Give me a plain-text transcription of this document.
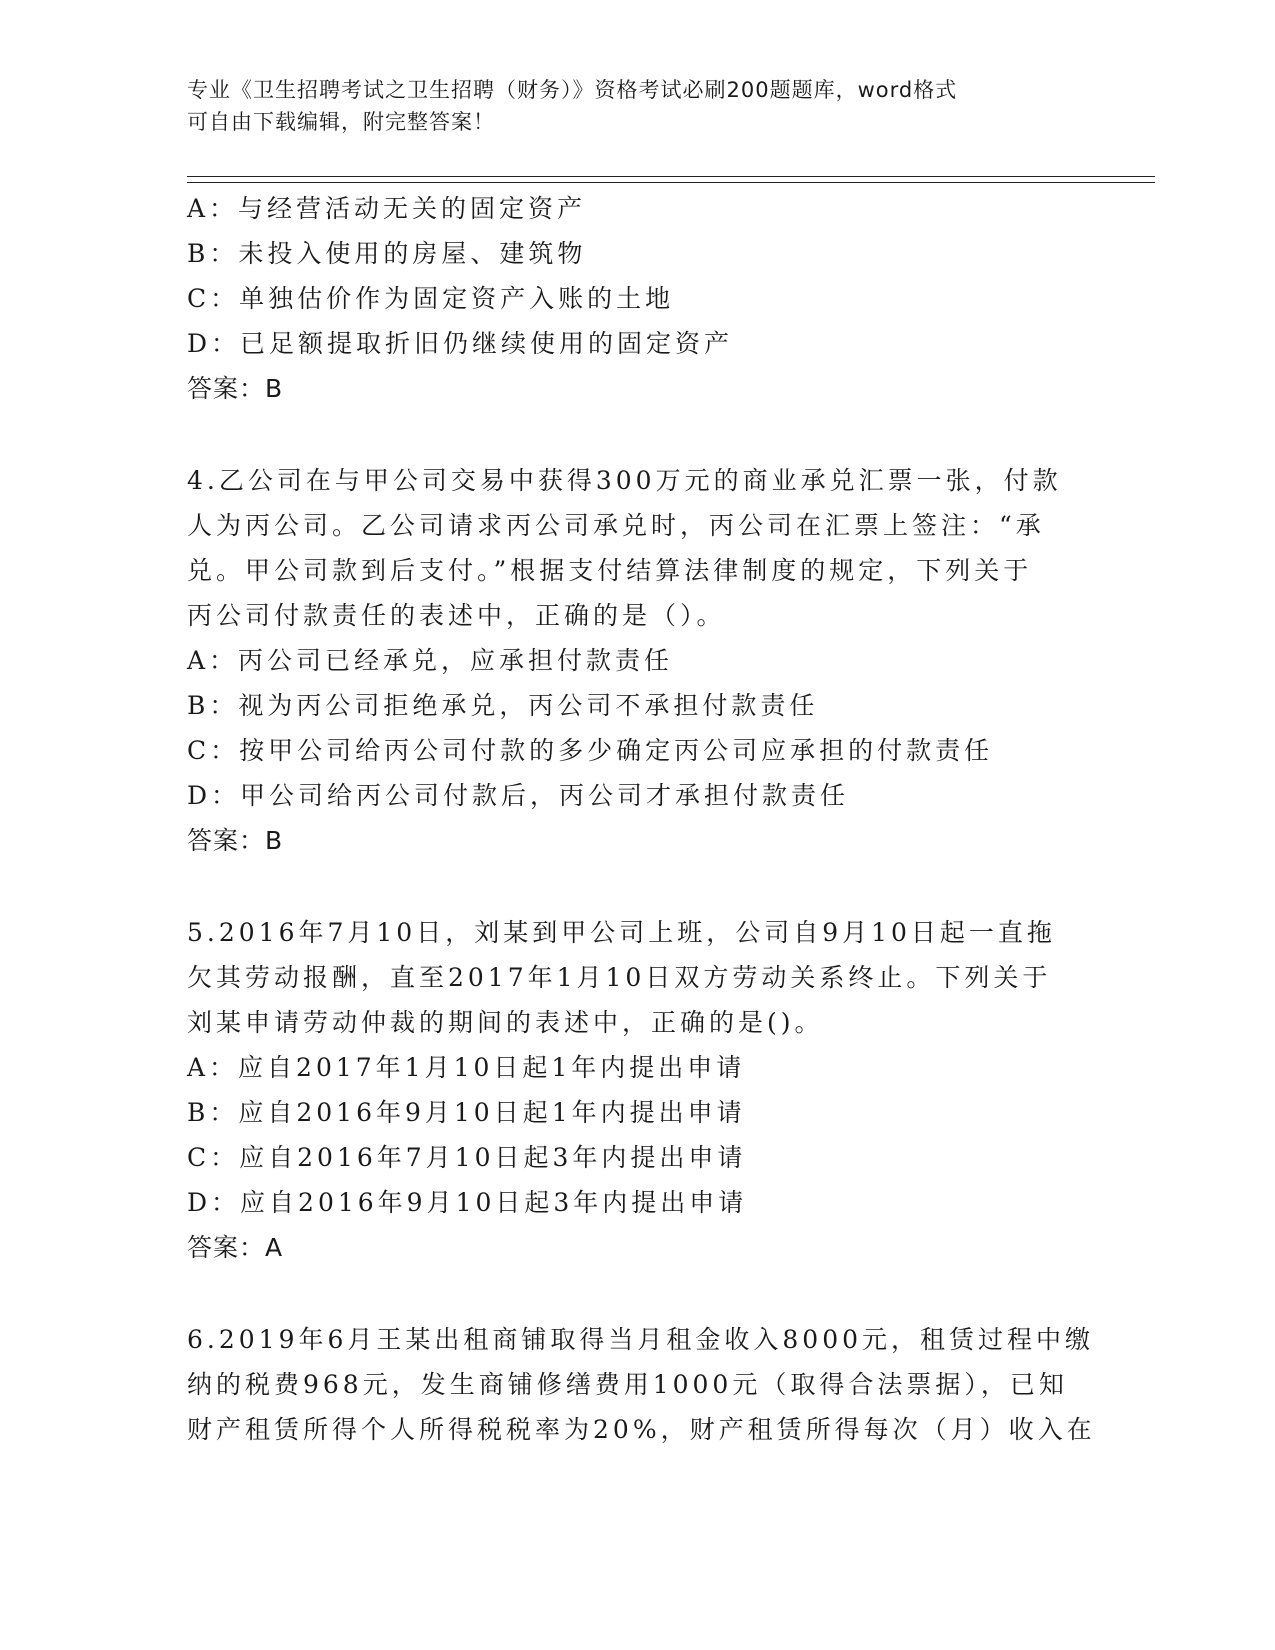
专业《卫生招聘考试之卫生招聘（财务）》资格考试必刷200题题库，word格式
可自由下载编辑，附完整答案！
A：与经营活动无关的固定资产
B：未投入使用的房屋、建筑物
C：单独估价作为固定资产入账的土地
D：已足额提取折旧仍继续使用的固定资产
答案：B
4.乙公司在与甲公司交易中获得300万元的商业承兑汇票一张，付款
人为丙公司。乙公司请求丙公司承兑时，丙公司在汇票上签注：“承
兑。甲公司款到后支付。”根据支付结算法律制度的规定，下列关于
丙公司付款责任的表述中，正确的是（）。
A：丙公司已经承兑，应承担付款责任
B：视为丙公司拒绝承兑，丙公司不承担付款责任
C：按甲公司给丙公司付款的多少确定丙公司应承担的付款责任
D：甲公司给丙公司付款后，丙公司才承担付款责任
答案：B
5.2016年7月10日，刘某到甲公司上班，公司自9月10日起一直拖
欠其劳动报酬，直至2017年1月10日双方劳动关系终止。下列关于
刘某申请劳动仲裁的期间的表述中，正确的是()。
A：应自2017年1月10日起1年内提出申请
B：应自2016年9月10日起1年内提出申请
C：应自2016年7月10日起3年内提出申请
D：应自2016年9月10日起3年内提出申请
答案：A
6.2019年6月王某出租商铺取得当月租金收入8000元，租赁过程中缴
纳的税费968元，发生商铺修缮费用1000元（取得合法票据），已知
财产租赁所得个人所得税税率为20%，财产租赁所得每次（月）收入在
